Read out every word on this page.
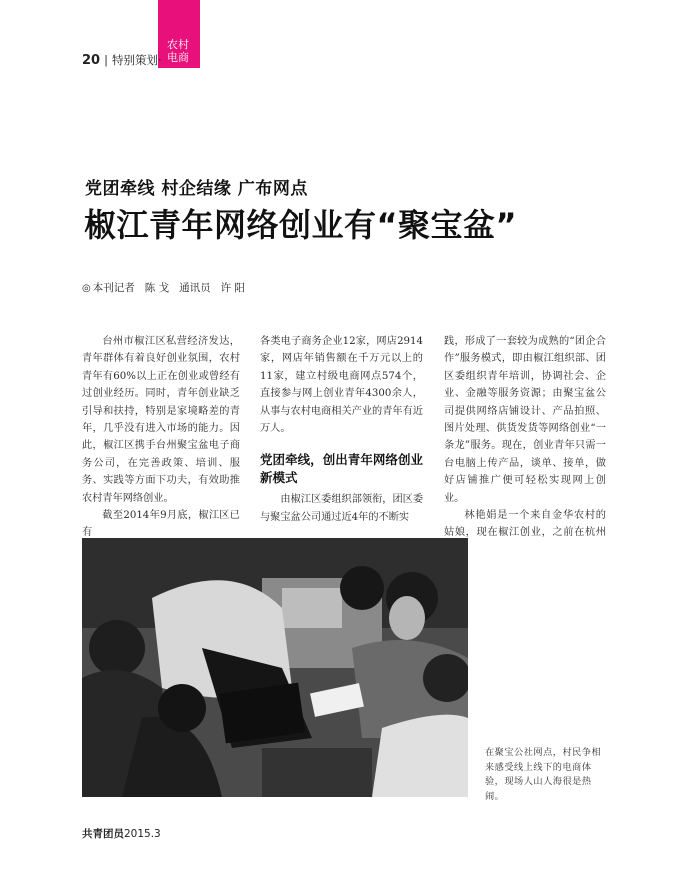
农村
电商
20 | 特别策划·
党团牵线 村企结缘 广布网点
椒江青年网络创业有“聚宝盆”
◎ 本刊记者 陈 戈 通讯员 许 阳

台州市椒江区私营经济发达，青年群体有着良好创业氛围，农村青年有60%以上正在创业或曾经有过创业经历。同时，青年创业缺乏引导和扶持，特别是家境略差的青年，几乎没有进入市场的能力。因此，椒江区携手台州聚宝盆电子商务公司，在完善政策、培训、服务、实践等方面下功夫，有效助推农村青年网络创业。

截至2014年9月底，椒江区已有

各类电子商务企业12家，网店2914家，网店年销售额在千万元以上的11家，建立村级电商网点574个，直接参与网上创业青年4300余人，从事与农村电商相关产业的青年有近万人。

党团牵线，创出青年网络创业新模式

由椒江区委组织部领衔，团区委与聚宝盆公司通过近4年的不断实

践，形成了一套较为成熟的“团企合作”服务模式，即由椒江组织部、团区委组织青年培训，协调社会、企业、金融等服务资源；由聚宝盆公司提供网络店铺设计、产品拍照、图片处理、供货发货等网络创业“一条龙”服务。现在，创业青年只需一台电脑上传产品，谈单、接单，做好店铺推广便可轻松实现网上创业。

林艳娟是一个来自金华农村的姑娘，现在椒江创业，之前在杭州

在聚宝公社网点，村民争相来感受线上线下的电商体验，现场人山人海很是热闹。
共青团员2015.3
